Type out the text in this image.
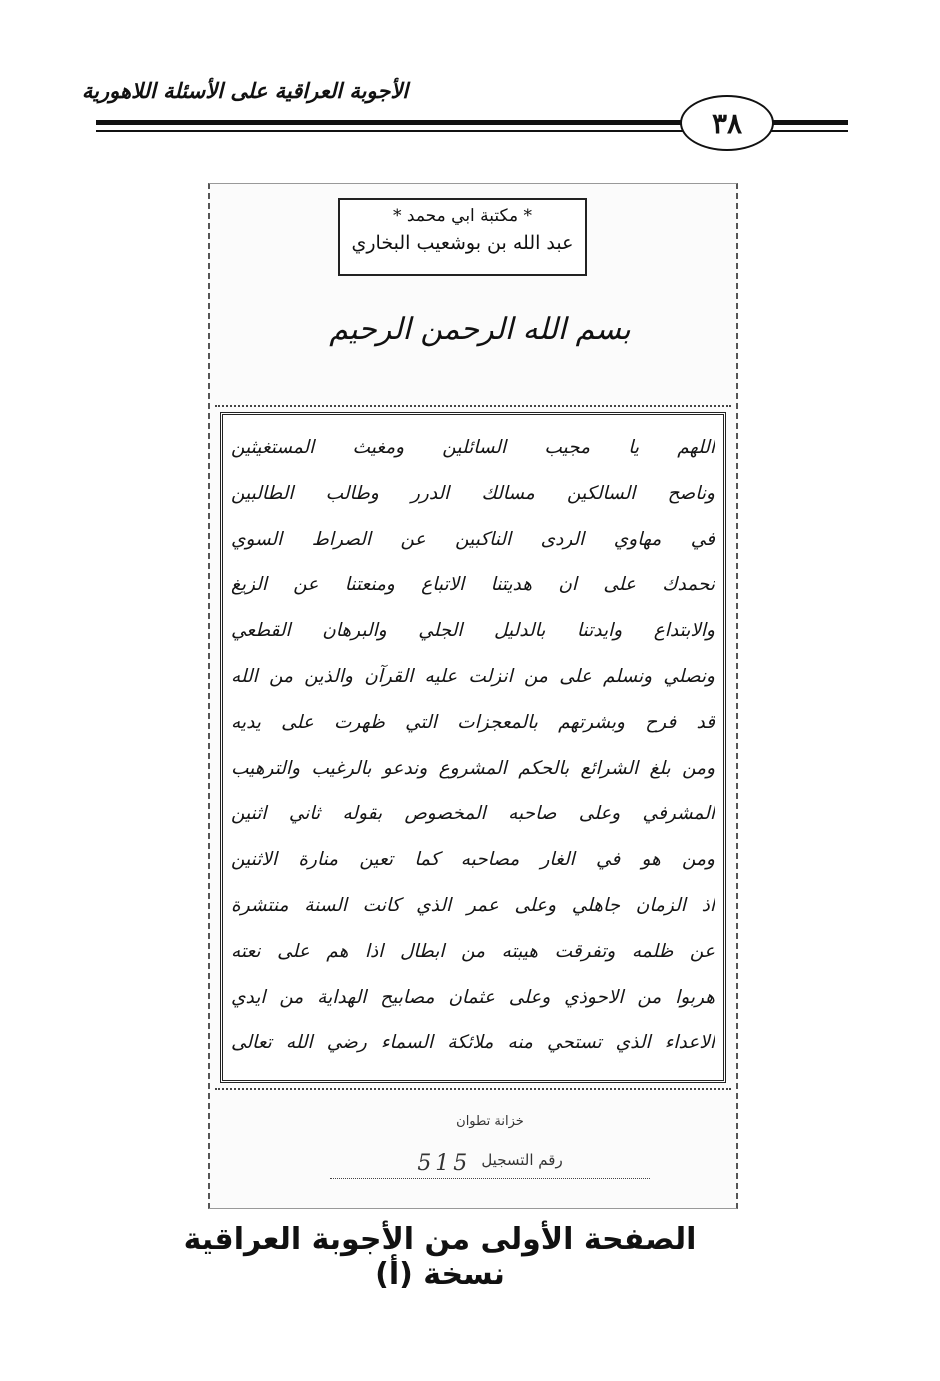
الأجوبة العراقية على الأسئلة اللاهورية
٣٨
* مكتبة ابي محمد *
عبد الله بن بوشعيب البخاري
بسم الله الرحمن الرحيم
اللهم يا مجيب السائلين ومغيث المستغيثين
وناصح السالكين مسالك الدرر وطالب الطالبين
في مهاوي الردى الناكبين عن الصراط السوي
نحمدك على ان هديتنا الاتباع ومنعتنا عن الزيغ
والابتداع وايدتنا بالدليل الجلي والبرهان القطعي
ونصلي ونسلم على من انزلت عليه القرآن والذين من الله
قد فرح وبشرتهم بالمعجزات التي ظهرت على يديه
ومن بلغ الشرائع بالحكم المشروع وندعو بالرغيب والترهيب
المشرفي وعلى صاحبه المخصوص بقوله ثاني اثنين
ومن هو في الغار مصاحبه كما تعين منارة الاثنين
اذ الزمان جاهلي وعلى عمر الذي كانت السنة منتشرة
عن ظلمه وتفرقت هيبته من ابطال اذا هم على نعته
هربوا من الاحوذي وعلى عثمان مصابيح الهداية من ايدي
الاعداء الذي تستحي منه ملائكة السماء رضي الله تعالى
خزانة تطوان
رقم التسجيل
515
الصفحة الأولى من الأجوبة العراقية نسخة (أ)
